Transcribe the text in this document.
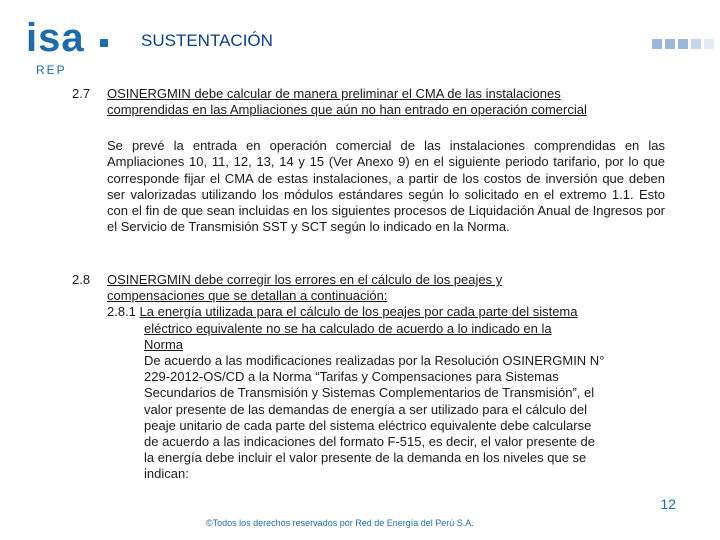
isa
REP
SUSTENTACIÓN
2.7 OSINERGMIN debe calcular de manera preliminar el CMA de las instalaciones
comprendidas en las Ampliaciones que aún no han entrado en operación comercial
Se prevé la entrada en operación comercial de las instalaciones comprendidas en las Ampliaciones 10, 11, 12, 13, 14 y 15 (Ver Anexo 9) en el siguiente periodo tarifario, por lo que corresponde fijar el CMA de estas instalaciones, a partir de los costos de inversión que deben ser valorizadas utilizando los módulos estándares según lo solicitado en el extremo 1.1. Esto con el fin de que sean incluidas en los siguientes procesos de Liquidación Anual de Ingresos por el Servicio de Transmisión SST y SCT según lo indicado en la Norma.
2.8 OSINERGMIN debe corregir los errores en el cálculo de los peajes y
compensaciones que se detallan a continuación:
2.8.1 La energía utilizada para el cálculo de los peajes por cada parte del sistema
eléctrico equivalente no se ha calculado de acuerdo a lo indicado en la
Norma
De acuerdo a las modificaciones realizadas por la Resolución OSINERGMIN N°
229-2012-OS/CD a la Norma “Tarifas y Compensaciones para Sistemas
Secundarios de Transmisión y Sistemas Complementarios de Transmisión”, el
valor presente de las demandas de energía a ser utilizado para el cálculo del
peaje unitario de cada parte del sistema eléctrico equivalente debe calcularse
de acuerdo a las indicaciones del formato F-515, es decir, el valor presente de
la energía debe incluir el valor presente de la demanda en los niveles que se
indican:
12
©Todos los derechos reservados por Red de Energía del Perú S.A.
